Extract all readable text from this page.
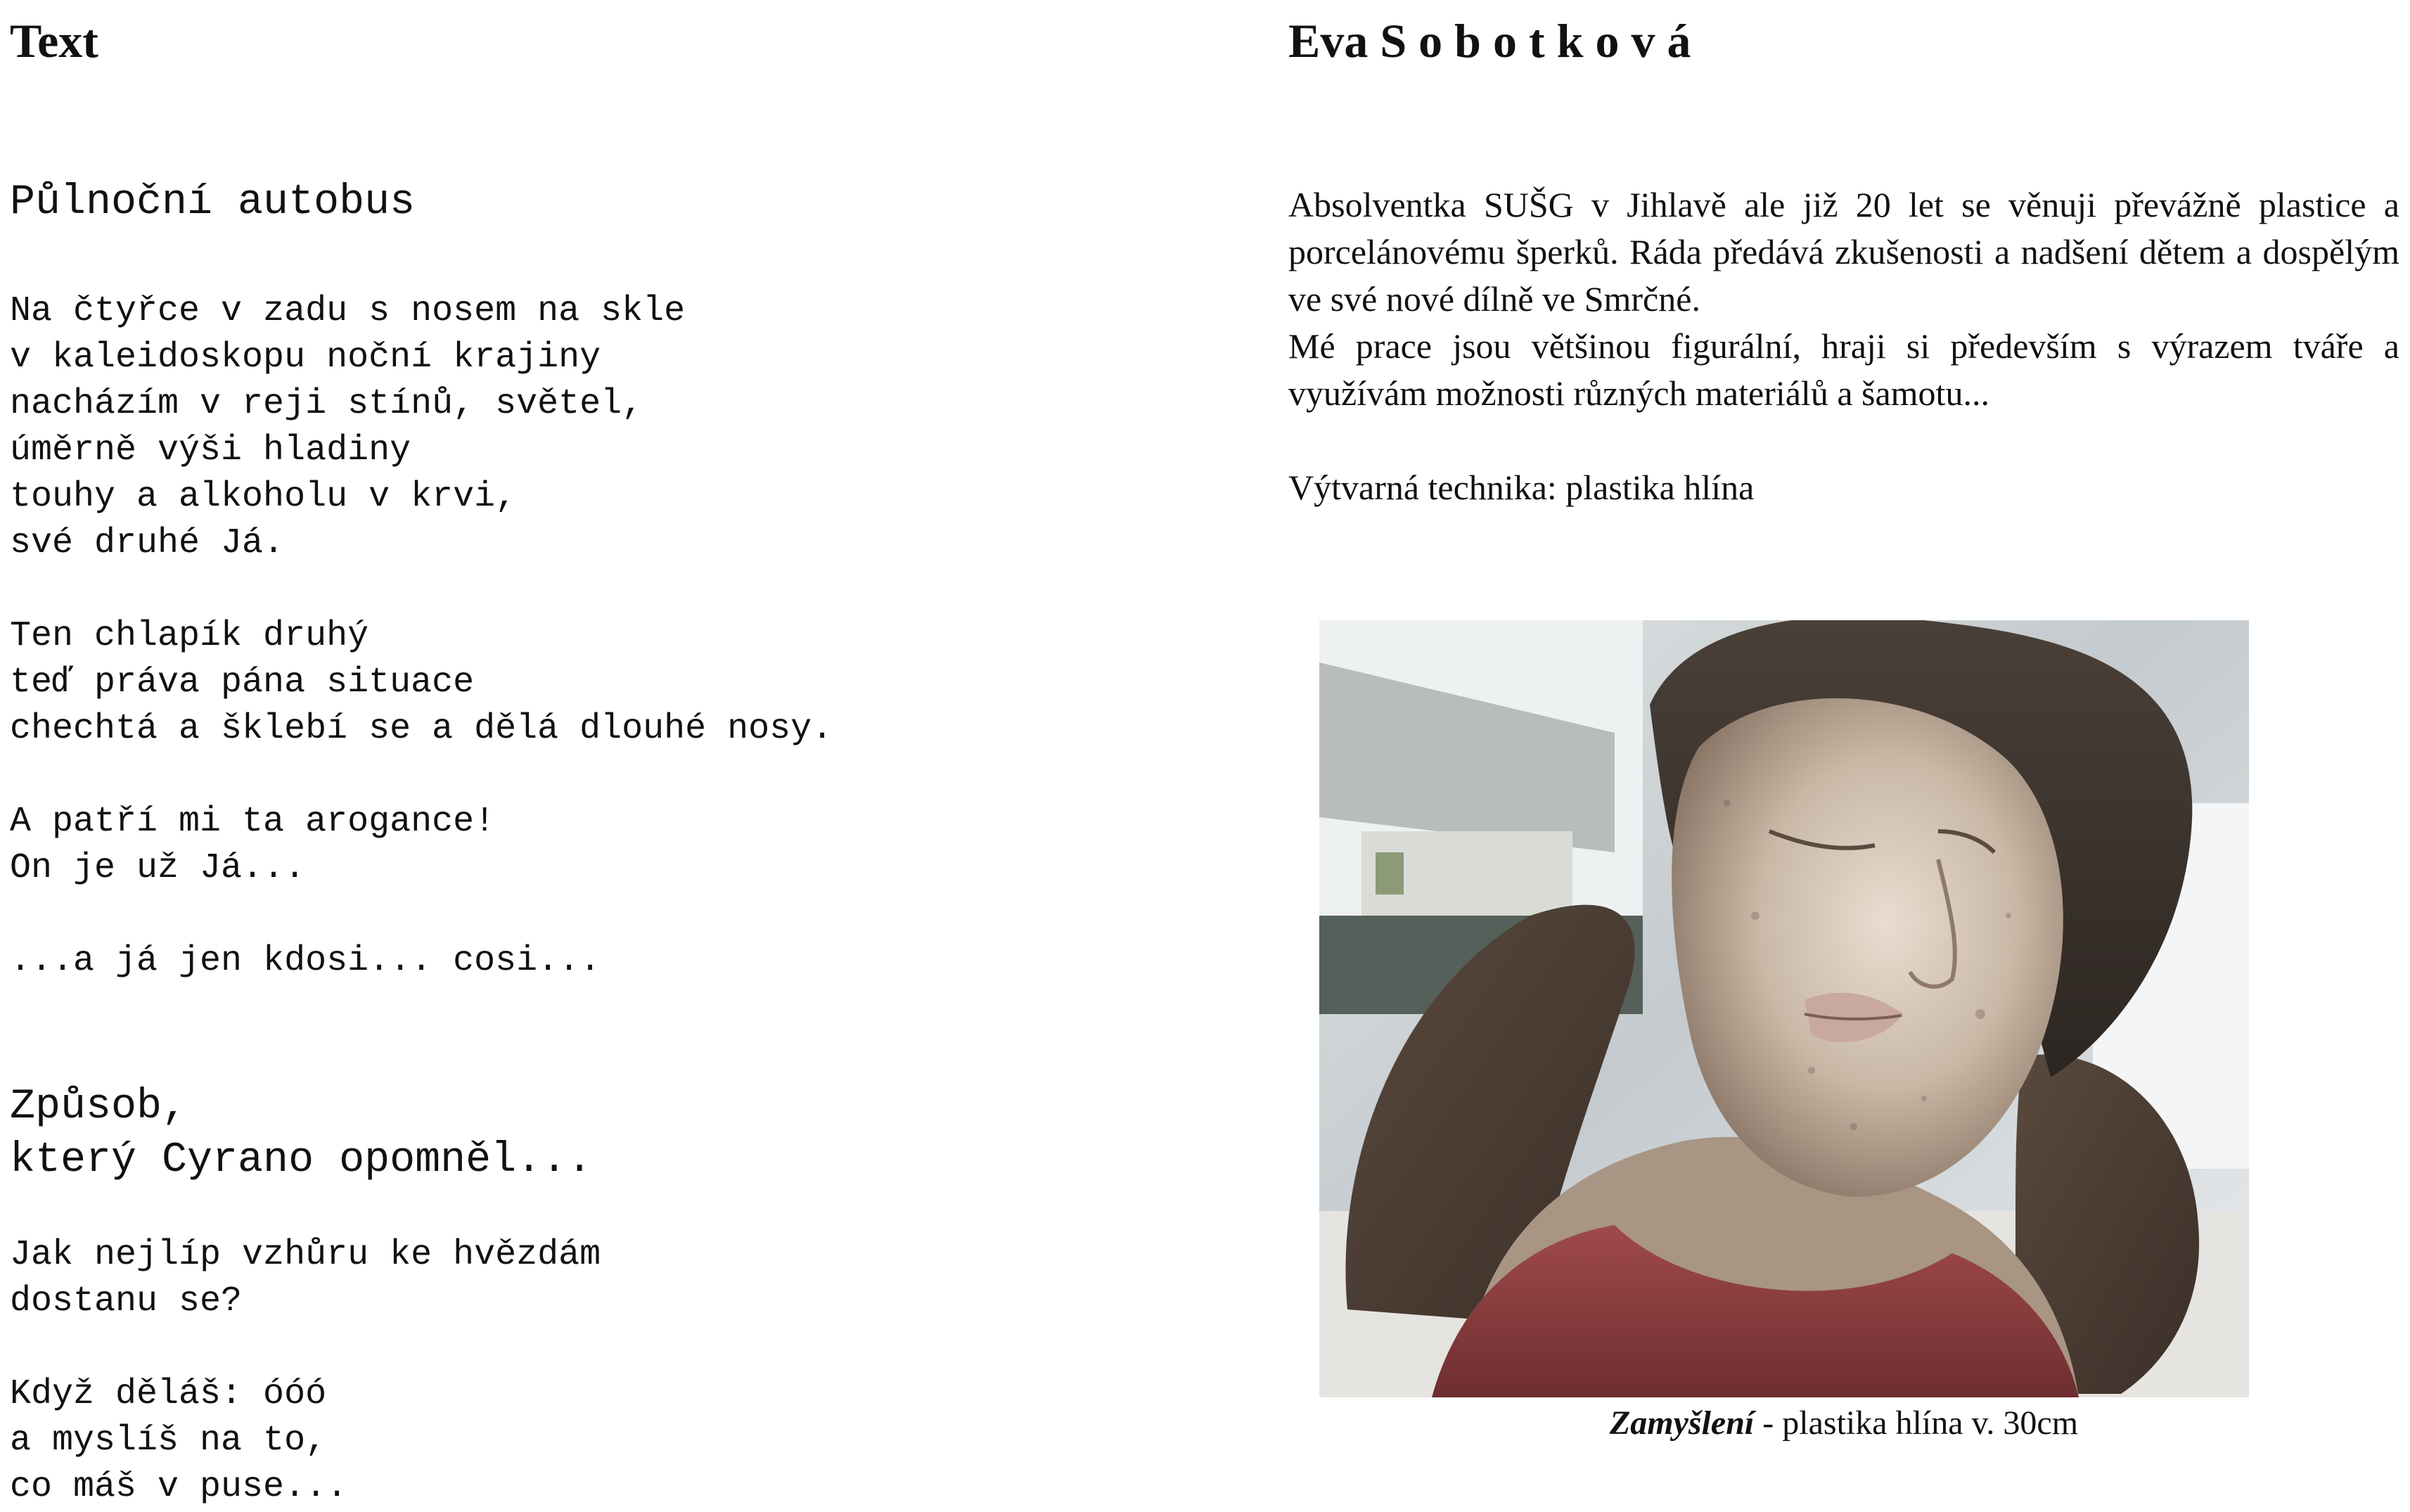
Text
Půlnoční autobus
Na čtyřce v zadu s nosem na skle
v kaleidoskopu noční krajiny
nacházím v reji stínů, světel,
úměrně výši hladiny
touhy a alkoholu v krvi,
své druhé Já.
Ten chlapík druhý
teď práva pána situace
chechtá a šklebí se a dělá dlouhé nosy.
A patří mi ta arogance!
On je už Já...
...a já jen kdosi... cosi...
Způsob,
který Cyrano opomněl...
Jak nejlíp vzhůru ke hvězdám
dostanu se?
Když děláš: óóó
a myslíš na to,
co máš v puse...
Eva Sobotková

Absolventka SUŠG v Jihlavě ale již 20 let se věnuji převážně plastice a porcelánovému šperků. Ráda předává zkušenosti a nadšení dětem a dospělým ve své nové dílně ve Smrčné.

Mé prace jsou většinou figurální, hraji si především s výrazem tváře a využívám možnosti různých materiálů a šamotu...

Výtvarná technika: plastika hlína

Zamyšlení - plastika hlína v. 30cm
